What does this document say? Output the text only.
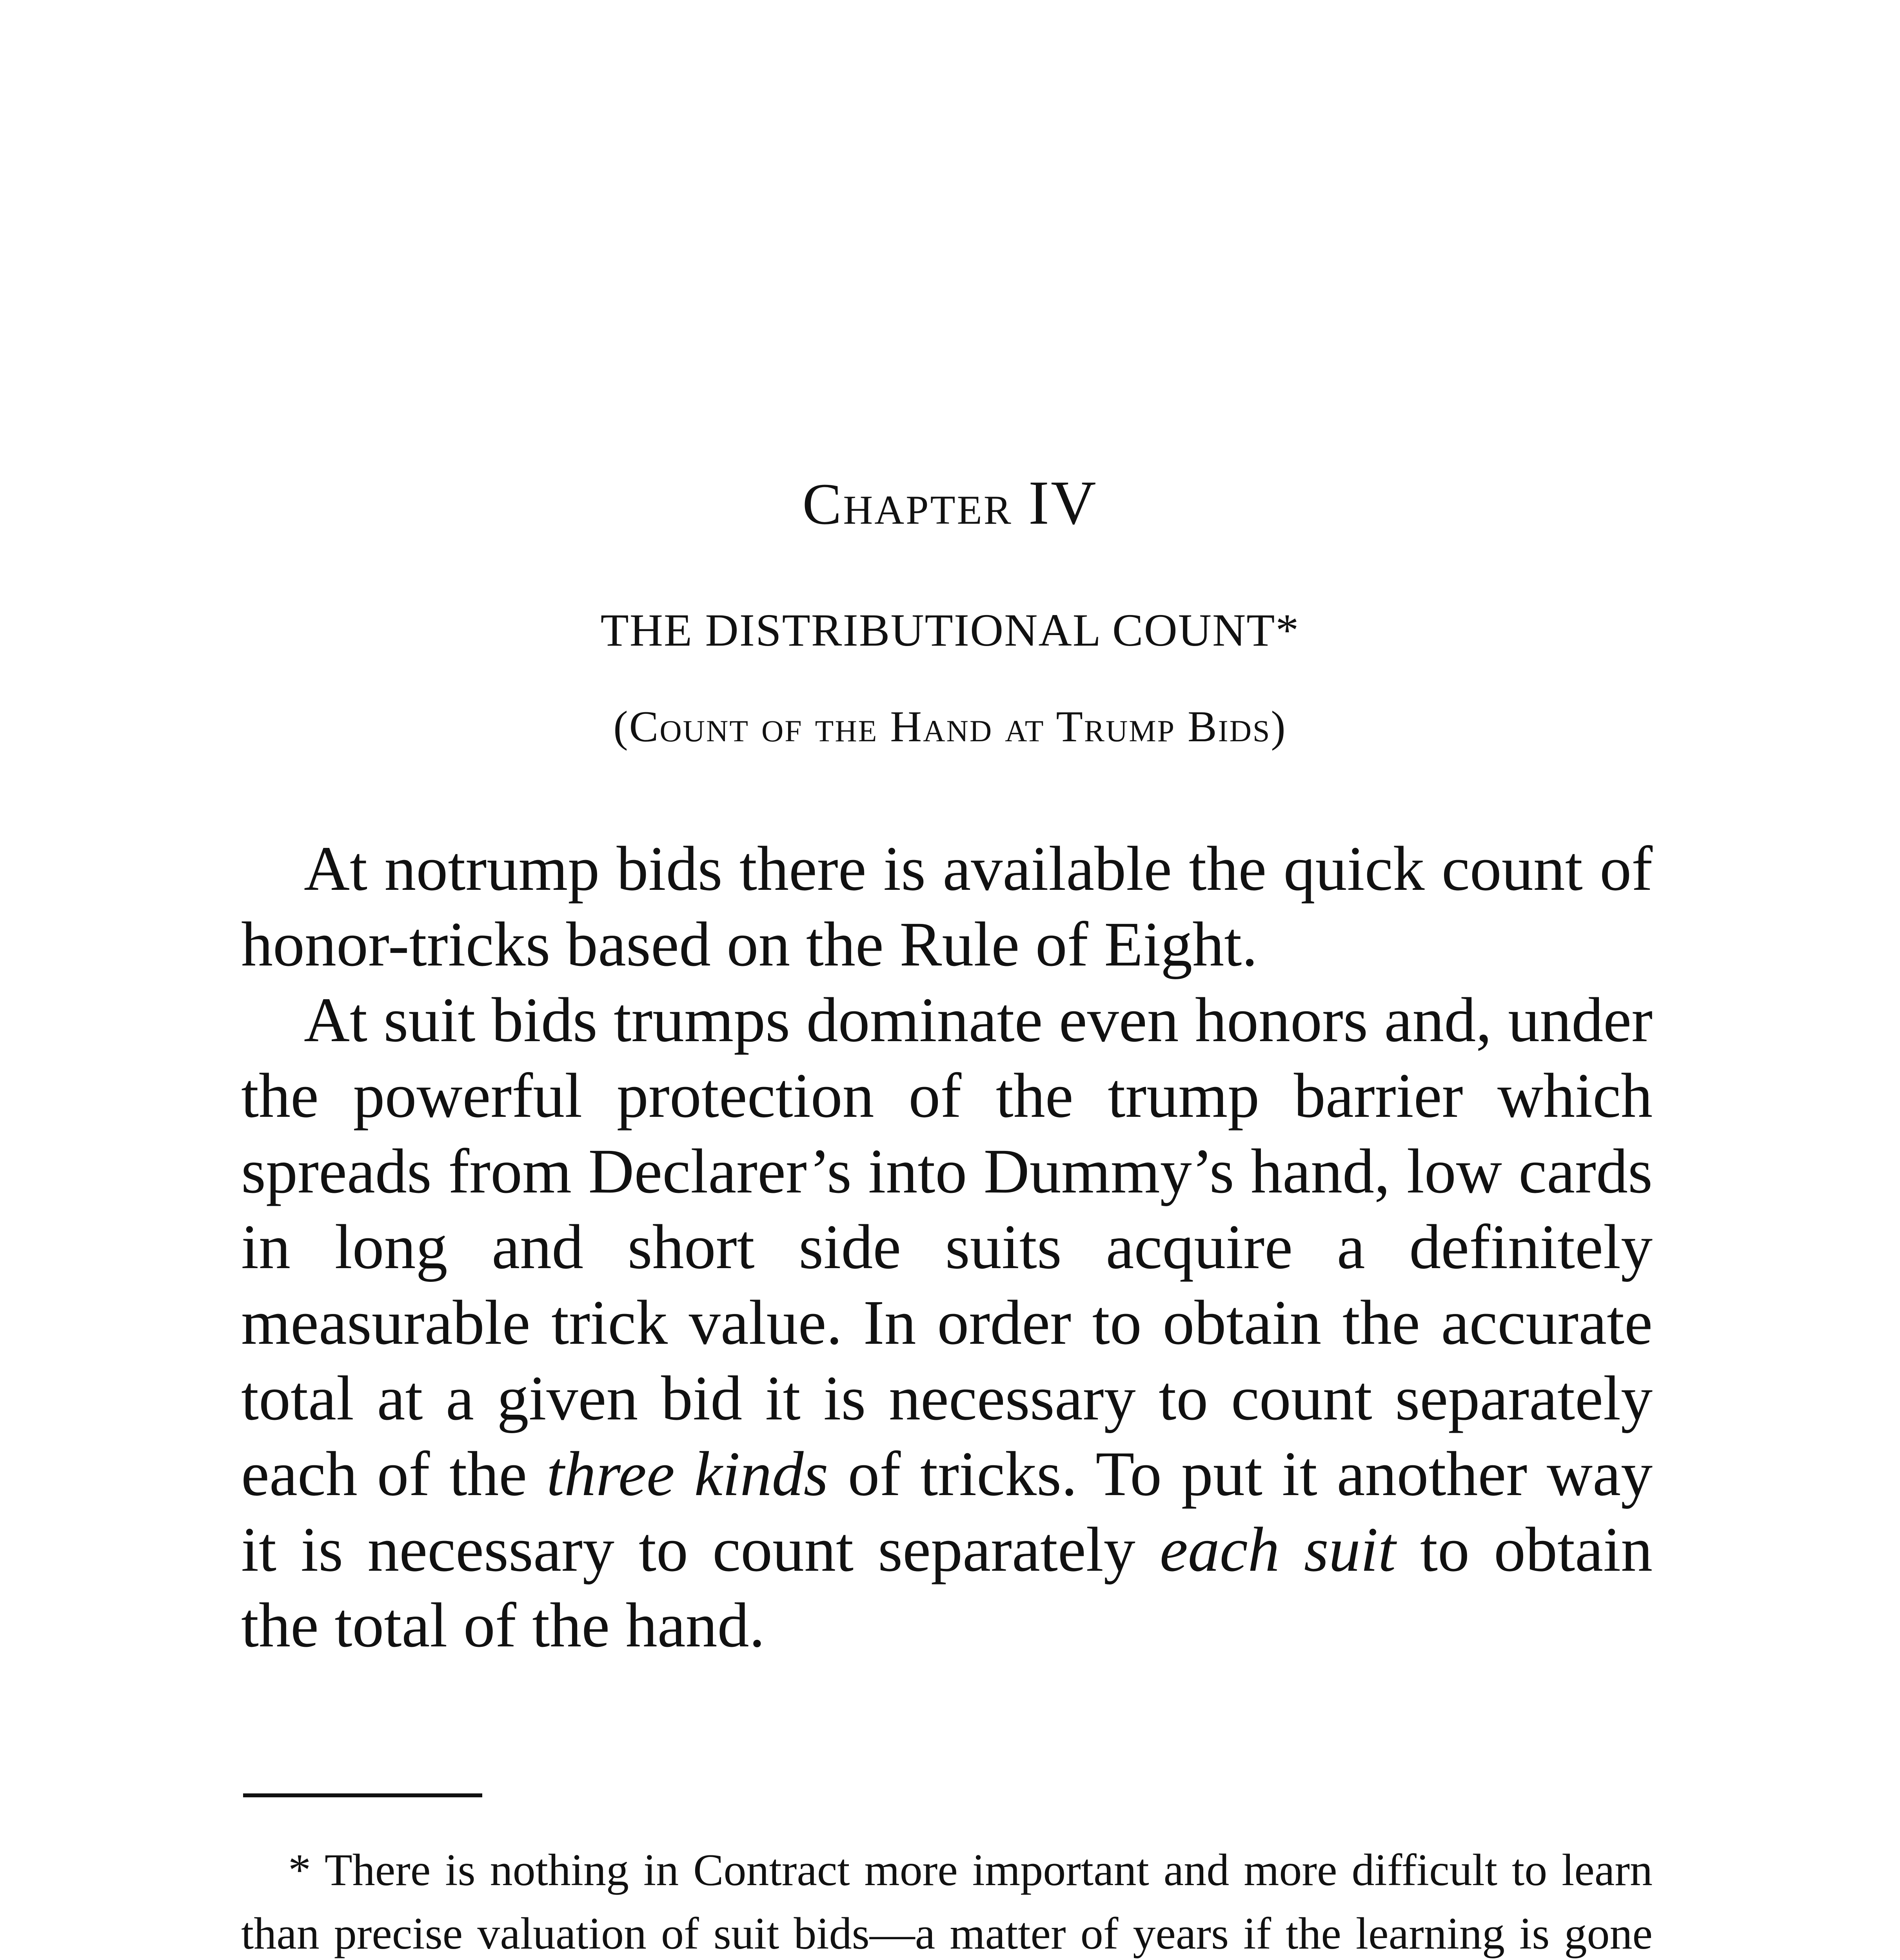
Chapter IV
THE DISTRIBUTIONAL COUNT*
(Count of the Hand at Trump Bids)

At notrump bids there is available the quick count of honor-tricks based on the Rule of Eight.

At suit bids trumps dominate even honors and, under the powerful protection of the trump barrier which spreads from Declarer’s into Dummy’s hand, low cards in long and short side suits acquire a definitely measurable trick value. In order to obtain the accurate total at a given bid it is necessary to count separately each of the three kinds of tricks. To put it another way it is necessary to count separately each suit to obtain the total of the hand.

* There is nothing in Contract more important and more difficult to learn than precise valuation of suit bids—a matter of years if the learning is gone
